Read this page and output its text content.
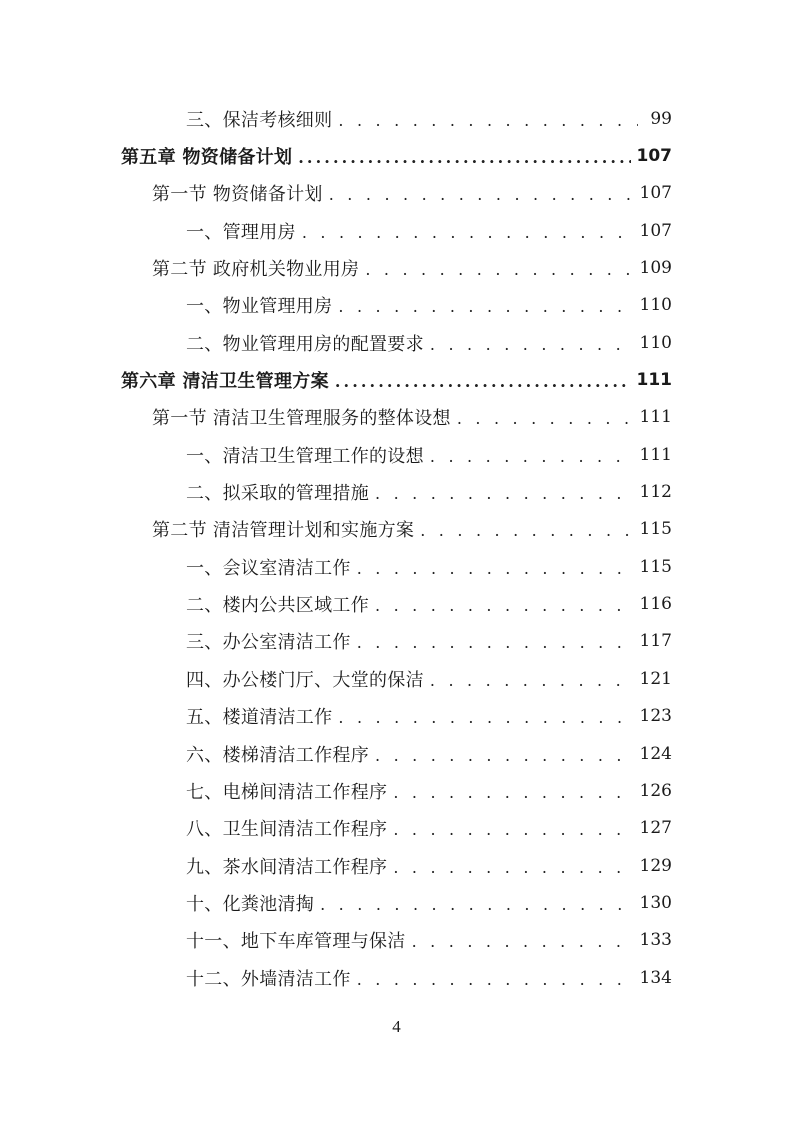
三、保洁考核细则 . . .	99
第五章 物资储备计划 .....	107
第一节 物资储备计划 . . .	107
一、管理用房 . . .	107
第二节 政府机关物业用房 . . .	109
一、物业管理用房 . . .	110
二、物业管理用房的配置要求 . . .	110
第六章 清洁卫生管理方案 .....	111
第一节 清洁卫生管理服务的整体设想 . . .	111
一、清洁卫生管理工作的设想 . . .	111
二、拟采取的管理措施 . . .	112
第二节 清洁管理计划和实施方案 . . .	115
一、会议室清洁工作 . . .	115
二、楼内公共区域工作 . . .	116
三、办公室清洁工作 . . .	117
四、办公楼门厅、大堂的保洁 . . .	121
五、楼道清洁工作 . . .	123
六、楼梯清洁工作程序 . . .	124
七、电梯间清洁工作程序 . . .	126
八、卫生间清洁工作程序 . . .	127
九、茶水间清洁工作程序 . . .	129
十、化粪池清掏 . . .	130
十一、地下车库管理与保洁 . . .	133
十二、外墙清洁工作 . . .	134
4
